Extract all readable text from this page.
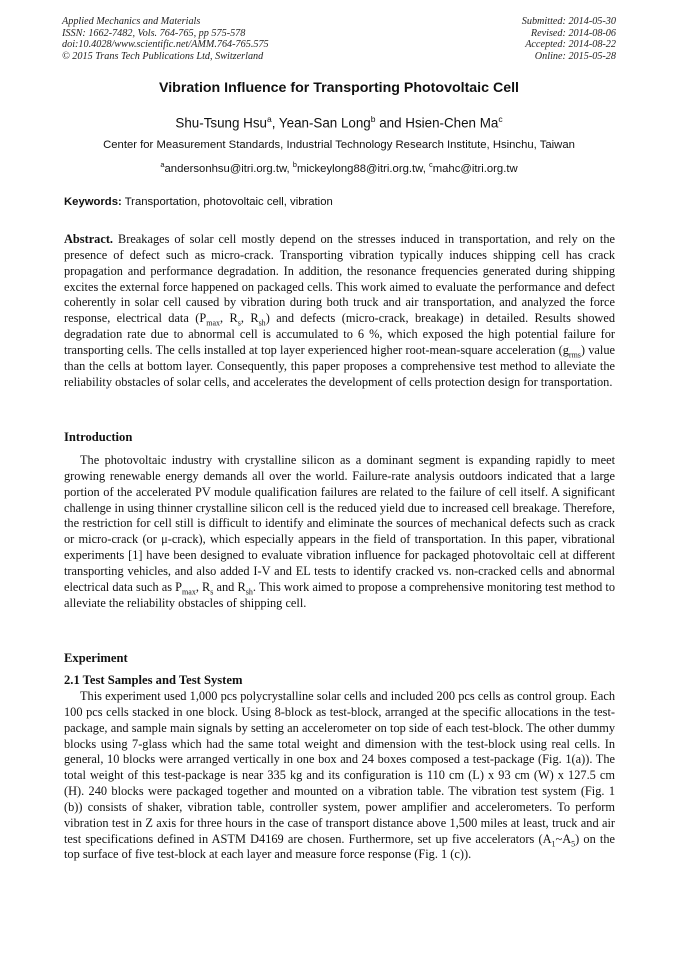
Applied Mechanics and Materials
ISSN: 1662-7482, Vols. 764-765, pp 575-578
doi:10.4028/www.scientific.net/AMM.764-765.575
© 2015 Trans Tech Publications Ltd, Switzerland
Submitted: 2014-05-30
Revised: 2014-08-06
Accepted: 2014-08-22
Online: 2015-05-28
Vibration Influence for Transporting Photovoltaic Cell
Shu-Tsung Hsu$^a$, Yean-San Long$^b$ and Hsien-Chen Ma$^c$
Center for Measurement Standards, Industrial Technology Research Institute, Hsinchu, Taiwan
$^a$andersonhsu@itri.org.tw, $^b$mickeylong88@itri.org.tw, $^c$mahc@itri.org.tw
Keywords: Transportation, photovoltaic cell, vibration
Abstract. Breakages of solar cell mostly depend on the stresses induced in transportation, and rely on the presence of defect such as micro-crack. Transporting vibration typically induces shipping cell has crack propagation and performance degradation. In addition, the resonance frequencies generated during shipping excites the external force happened on packaged cells. This work aimed to evaluate the performance and defect coherently in solar cell caused by vibration during both truck and air transportation, and analyzed the force response, electrical data ($P_{max}$, $R_s$, $R_{sh}$) and defects (micro-crack, breakage) in detailed. Results showed degradation rate due to abnormal cell is accumulated to 6 %, which exposed the high potential failure for transporting cells. The cells installed at top layer experienced higher root-mean-square acceleration $(g_{rms})$ value than the cells at bottom layer. Consequently, this paper proposes a comprehensive test method to alleviate the reliability obstacles of solar cells, and accelerates the development of cells protection design for transportation.
Introduction
The photovoltaic industry with crystalline silicon as a dominant segment is expanding rapidly to meet growing renewable energy demands all over the world. Failure-rate analysis outdoors indicated that a large portion of the accelerated PV module qualification failures are related to the failure of cell itself. A significant challenge in using thinner crystalline silicon cell is the reduced yield due to increased cell breakage. Therefore, the restriction for cell still is difficult to identify and eliminate the sources of mechanical defects such as crack or micro-crack (or μ-crack), which especially appears in the field of transportation. In this paper, vibrational experiments [1] have been designed to evaluate vibration influence for packaged photovoltaic cell at different transporting vehicles, and also added I-V and EL tests to identify cracked vs. non-cracked cells and abnormal electrical data such as $P_{max}$, $R_s$ and $R_{sh}$. This work aimed to propose a comprehensive monitoring test method to alleviate the reliability obstacles of shipping cell.
Experiment
2.1 Test Samples and Test System
This experiment used 1,000 pcs polycrystalline solar cells and included 200 pcs cells as control group. Each 100 pcs cells stacked in one block. Using 8-block as test-block, arranged at the specific allocations in the test-package, and sample main signals by setting an accelerometer on top side of each test-block. The other dummy blocks using 7-glass which had the same total weight and dimension with the test-block using real cells. In general, 10 blocks were arranged vertically in one box and 24 boxes composed a test-package (Fig. 1(a)). The total weight of this test-package is near 335 kg and its configuration is 110 cm (L) x 93 cm (W) x 127.5 cm (H). 240 blocks were packaged together and mounted on a vibration table. The vibration test system (Fig. 1 (b)) consists of shaker, vibration table, controller system, power amplifier and accelerometers. To perform vibration test in Z axis for three hours in the case of transport distance above 1,500 miles at least, truck and air test specifications defined in ASTM D4169 are chosen. Furthermore, set up five accelerators $(A_1\sim A_5)$ on the top surface of five test-block at each layer and measure force response (Fig. 1 (c)).
